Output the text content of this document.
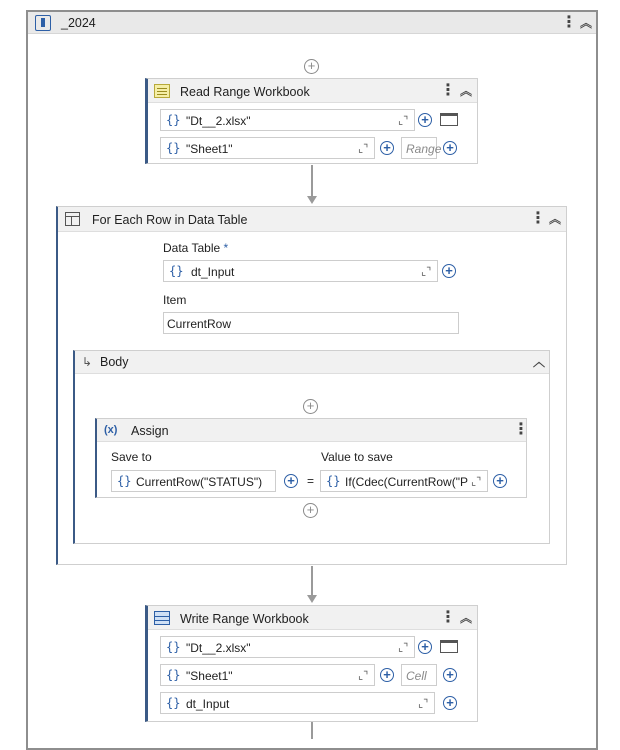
_2024	⋮ ︽
+
Read Range Workbook	⋮ ︽
{} "Dt__2.xlsx"	⌞⌝ +
{} "Sheet1"	⌞⌝ + Range +
For Each Row in Data Table	⋮ ︽
Data Table *
{} dt_Input	⌞⌝ +
Item
CurrentRow
↳ Body	︿
+
(x) Assign	⋮
Save to	Value to save
{} CurrentRow("STATUS")	+ = {} If(Cdec(CurrentRow("P ⌞⌝ +
+
Write Range Workbook	⋮ ︽
{} "Dt__2.xlsx"	⌞⌝ +
{} "Sheet1"	⌞⌝ + Cell	+
{} dt_Input	⌞⌝ +
